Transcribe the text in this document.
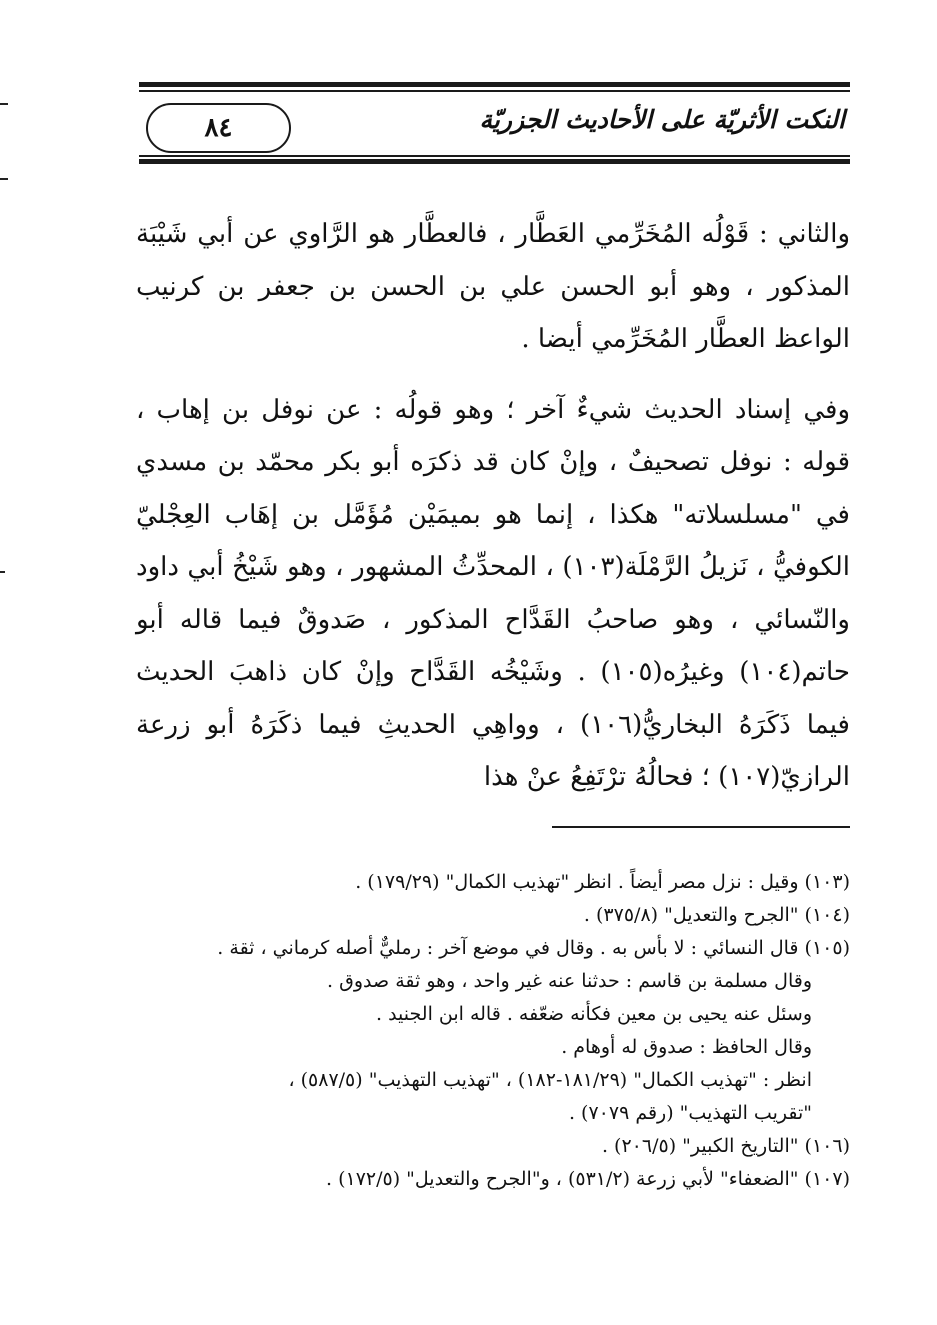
النكت الأثريّة على الأحاديث الجزريّة
٨٤

والثاني : قَوْلُه المُخَرِّمي العَطَّار ، فالعطَّار هو الرَّاوي عن أبي شَيْبَة المذكور ، وهو أبو الحسن علي بن الحسن بن جعفر بن كرنيب الواعظ العطَّار المُخَرِّمي أيضا .

وفي إسناد الحديث شيءٌ آخر ؛ وهو قولُه : عن نوفل بن إهاب ، قوله : نوفل تصحيفٌ ، وإنْ كان قد ذكرَه أبو بكر محمّد بن مسدي في "مسلسلاته" هكذا ، إنما هو بميمَيْن مُؤَمَّل بن إهَاب العِجْليّ الكوفيُّ ، نَزيلُ الرَّمْلَة(١٠٣) ، المحدِّثُ المشهور ، وهو شَيْخُ أبي داود والنّسائي ، وهو صاحبُ القَدَّاح المذكور ، صَدوقٌ فيما قاله أبو حاتم(١٠٤) وغيرُه(١٠٥) . وشَيْخُه القَدَّاح وإنْ كان ذاهبَ الحديث فيما ذَكَرَهُ البخاريُّ(١٠٦) ، وواهِي الحديثِ فيما ذكَرَهُ أبو زرعة الرازيّ(١٠٧) ؛ فحالُهُ ترْتَفِعُ عنْ هذا

(١٠٣) وقيل : نزل مصر أيضاً . انظر "تهذيب الكمال" (١٧٩/٢٩) .
(١٠٤) "الجرح والتعديل" (٣٧٥/٨) .
(١٠٥) قال النسائي : لا بأس به . وقال في موضع آخر : رمليٌّ أصله كرماني ، ثقة .
وقال مسلمة بن قاسم : حدثنا عنه غير واحد ، وهو ثقة صدوق .
وسئل عنه يحيى بن معين فكأنه ضعّفه . قاله ابن الجنيد .
وقال الحافظ : صدوق له أوهام .
انظر : "تهذيب الكمال" (١٨١/٢٩-١٨٢) ، "تهذيب التهذيب" (٥٨٧/٥) ،
"تقريب التهذيب" (رقم ٧٠٧٩) .
(١٠٦) "التاريخ الكبير" (٢٠٦/٥) .
(١٠٧) "الضعفاء" لأبي زرعة (٥٣١/٢) ، و"الجرح والتعديل" (١٧٢/٥) .
